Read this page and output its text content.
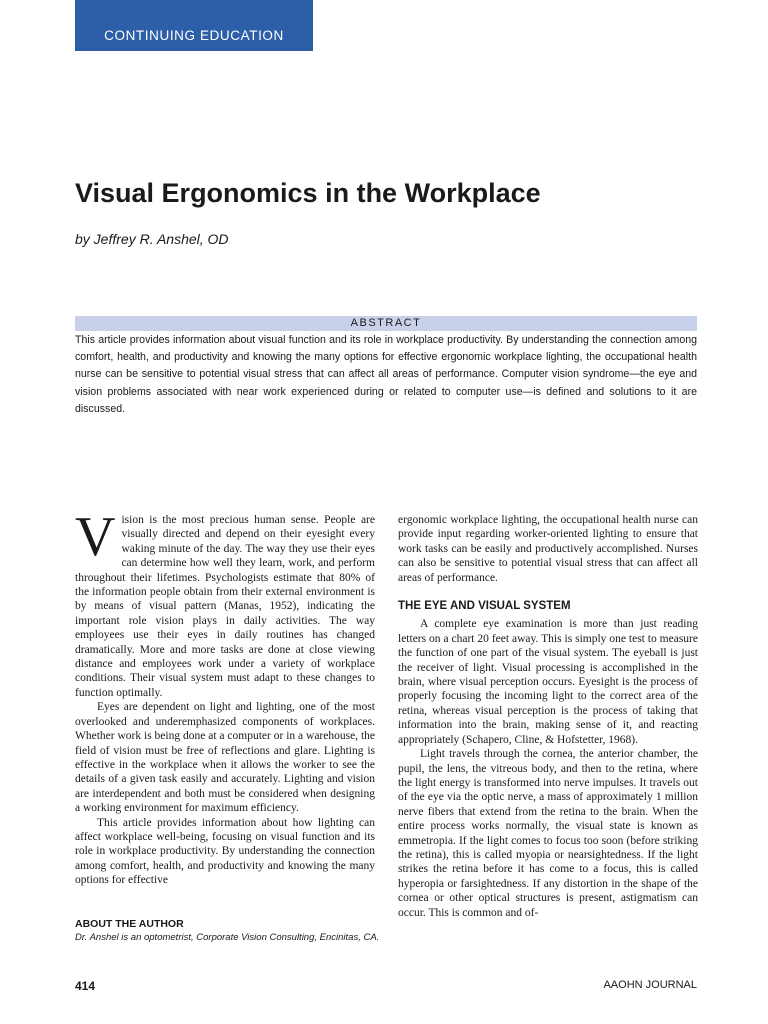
CONTINUING EDUCATION
Visual Ergonomics in the Workplace

by Jeffrey R. Anshel, OD

ABSTRACT

This article provides information about visual function and its role in workplace productivity. By understanding the connection among comfort, health, and productivity and knowing the many options for effective ergonomic workplace lighting, the occupational health nurse can be sensitive to potential visual stress that can affect all areas of performance. Computer vision syndrome—the eye and vision problems associated with near work experienced during or related to computer use—is defined and solutions to it are discussed.

Vision is the most precious human sense. People are visually directed and depend on their eyesight every waking minute of the day. The way they use their eyes can determine how well they learn, work, and perform throughout their lifetimes. Psychologists estimate that 80% of the information people obtain from their external environment is by means of visual pattern (Manas, 1952), indicating the important role vision plays in daily activities. The way employees use their eyes in daily routines has changed dramatically. More and more tasks are done at close viewing distance and employees work under a variety of workplace conditions. Their visual system must adapt to these changes to function optimally.

Eyes are dependent on light and lighting, one of the most overlooked and underemphasized components of workplaces. Whether work is being done at a computer or in a warehouse, the field of vision must be free of reflections and glare. Lighting is effective in the workplace when it allows the worker to see the details of a given task easily and accurately. Lighting and vision are interdependent and both must be considered when designing a working environment for maximum efficiency.

This article provides information about how lighting can affect workplace well-being, focusing on visual function and its role in workplace productivity. By understanding the connection among comfort, health, and productivity and knowing the many options for effective

ergonomic workplace lighting, the occupational health nurse can provide input regarding worker-oriented lighting to ensure that work tasks can be easily and productively accomplished. Nurses can also be sensitive to potential visual stress that can affect all areas of performance.

THE EYE AND VISUAL SYSTEM

A complete eye examination is more than just reading letters on a chart 20 feet away. This is simply one test to measure the function of one part of the visual system. The eyeball is just the receiver of light. Visual processing is accomplished in the brain, where visual perception occurs. Eyesight is the process of properly focusing the incoming light to the correct area of the retina, whereas visual perception is the process of taking that information into the brain, making sense of it, and reacting appropriately (Schapero, Cline, & Hofstetter, 1968).

Light travels through the cornea, the anterior chamber, the pupil, the lens, the vitreous body, and then to the retina, where the light energy is transformed into nerve impulses. It travels out of the eye via the optic nerve, a mass of approximately 1 million nerve fibers that extend from the retina to the brain. When the entire process works normally, the visual state is known as emmetropia. If the light comes to focus too soon (before striking the retina), this is called myopia or nearsightedness. If the light strikes the retina before it has come to a focus, this is called hyperopia or farsightedness. If any distortion in the shape of the cornea or other optical structures is present, astigmatism can occur. This is common and of-

ABOUT THE AUTHOR

Dr. Anshel is an optometrist, Corporate Vision Consulting, Encinitas, CA.

414	AAOHN JOURNAL
